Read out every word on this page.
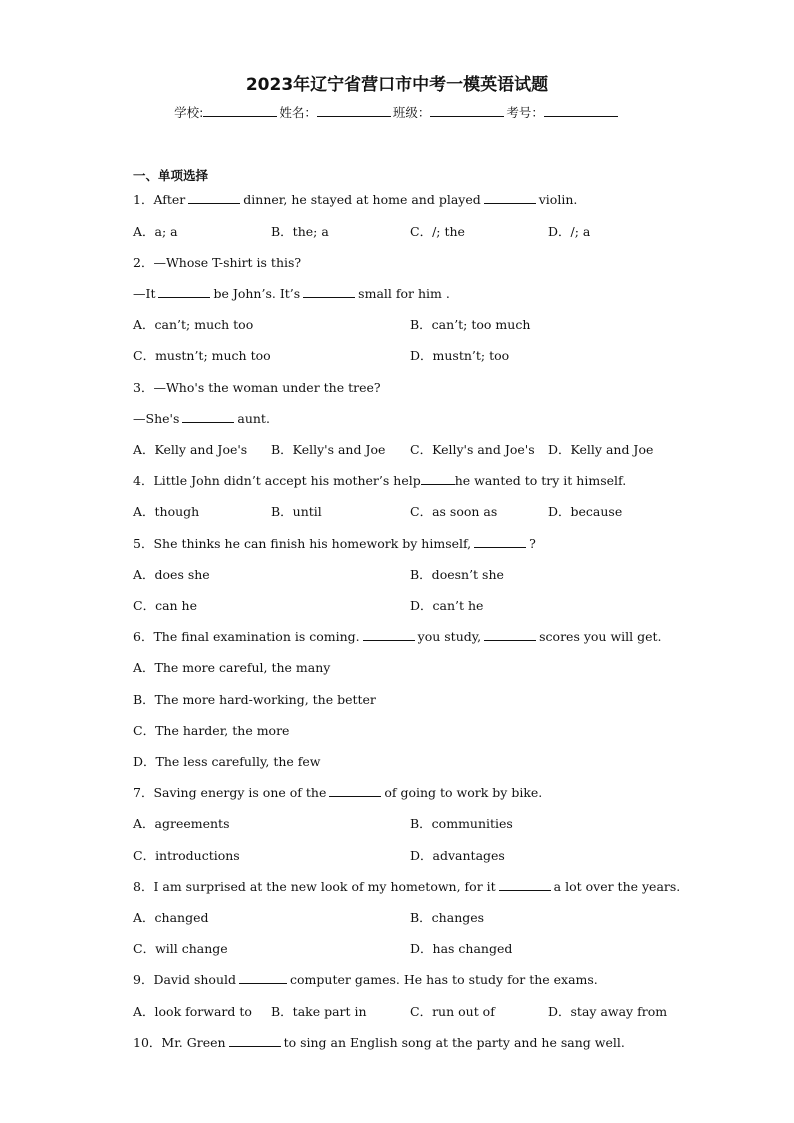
2023年辽宁省营口市中考一模英语试题
学校:	姓名：	班级：	考号：
一、单项选择
1．After	dinner, he stayed at home and played	violin.
A．a; a	B．the; a	C．/; the	D．/; a
2．—Whose T-shirt is this?
—It	be John’s. It’s	small for him .
A．can’t; much too	B．can’t; too much
C．mustn’t; much too	D．mustn’t; too
3．—Who's the woman under the tree?
—She's	aunt.
A．Kelly and Joe's B．Kelly's and Joe C．Kelly's and Joe's D．Kelly and Joe
4．Little John didn’t accept his mother’s help	he wanted to try it himself.
A．though	B．until	C．as soon as	D．because
5．She thinks he can finish his homework by himself,	?
A．does she	B．doesn’t she
C．can he	D．can’t he
6．The final examination is coming.	you study,	scores you will get.
A．The more careful, the many
B．The more hard-working, the better
C．The harder, the more
D．The less carefully, the few
7．Saving energy is one of the	of going to work by bike.
A．agreements	B．communities
C．introductions	D．advantages
8．I am surprised at the new look of my hometown, for it	a lot over the years.
A．changed	B．changes
C．will change	D．has changed
9．David should	computer games. He has to study for the exams.
A．look forward to B．take part in	C．run out of	D．stay away from
10．Mr. Green	to sing an English song at the party and he sang well.
